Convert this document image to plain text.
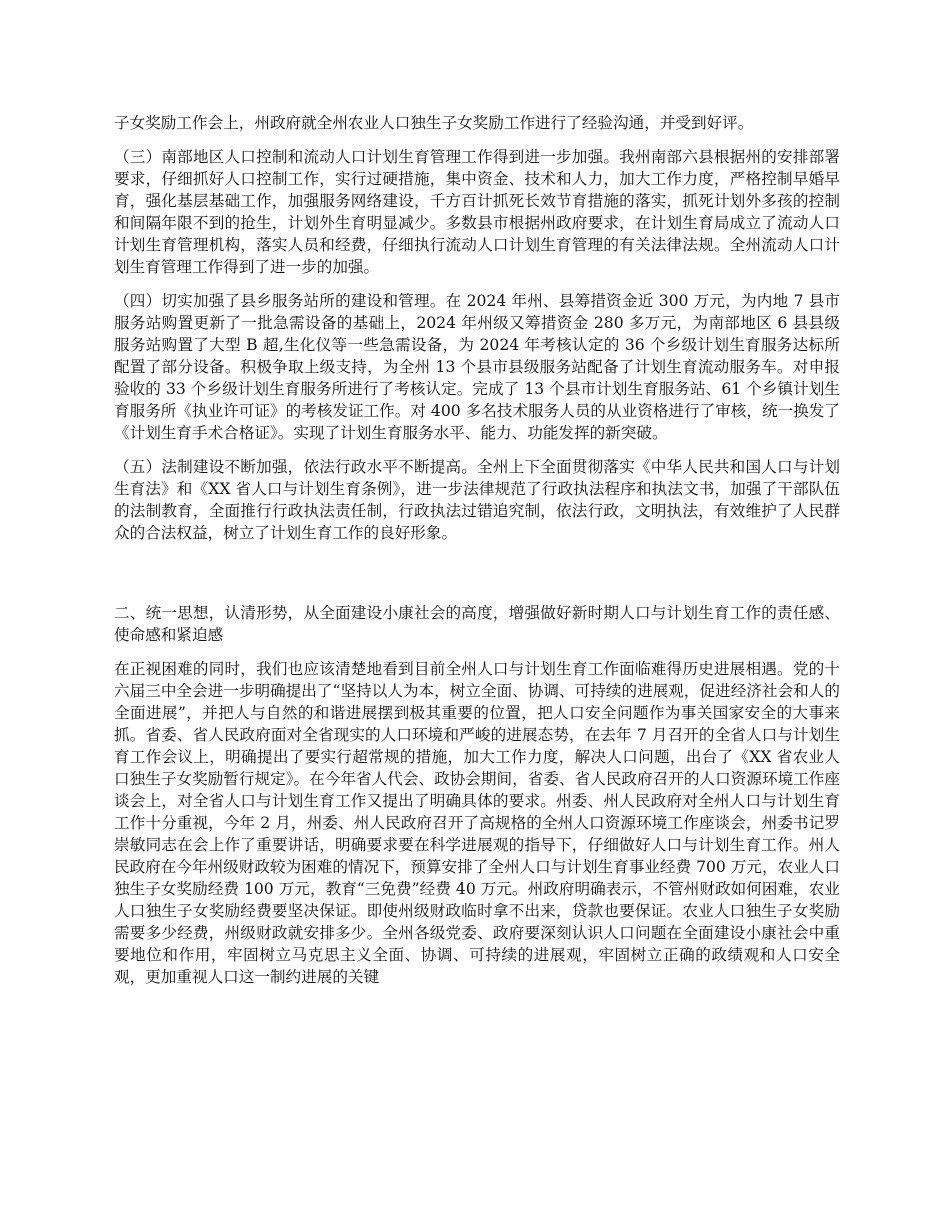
子女奖励工作会上，州政府就全州农业人口独生子女奖励工作进行了经验沟通，并受到好评。

（三）南部地区人口控制和流动人口计划生育管理工作得到进一步加强。我州南部六县根据州的安排部署要求，仔细抓好人口控制工作，实行过硬措施，集中资金、技术和人力，加大工作力度，严格控制早婚早育，强化基层基础工作，加强服务网络建设，千方百计抓死长效节育措施的落实，抓死计划外多孩的控制和间隔年限不到的抢生，计划外生育明显减少。多数县市根据州政府要求，在计划生育局成立了流动人口计划生育管理机构，落实人员和经费，仔细执行流动人口计划生育管理的有关法律法规。全州流动人口计划生育管理工作得到了进一步的加强。

（四）切实加强了县乡服务站所的建设和管理。在 2024 年州、县筹措资金近 300 万元，为内地 7 县市服务站购置更新了一批急需设备的基础上，2024 年州级又筹措资金 280 多万元，为南部地区 6 县县级服务站购置了大型 B 超,生化仪等一些急需设备，为 2024 年考核认定的 36 个乡级计划生育服务达标所配置了部分设备。积极争取上级支持，为全州 13 个县市县级服务站配备了计划生育流动服务车。对申报验收的 33 个乡级计划生育服务所进行了考核认定。完成了 13 个县市计划生育服务站、61 个乡镇计划生育服务所《执业许可证》的考核发证工作。对 400 多名技术服务人员的从业资格进行了审核，统一换发了《计划生育手术合格证》。实现了计划生育服务水平、能力、功能发挥的新突破。

（五）法制建设不断加强，依法行政水平不断提高。全州上下全面贯彻落实《中华人民共和国人口与计划生育法》和《XX 省人口与计划生育条例》，进一步法律规范了行政执法程序和执法文书，加强了干部队伍的法制教育，全面推行行政执法责任制，行政执法过错追究制，依法行政，文明执法，有效维护了人民群众的合法权益，树立了计划生育工作的良好形象。

二、统一思想，认清形势，从全面建设小康社会的高度，增强做好新时期人口与计划生育工作的责任感、使命感和紧迫感

在正视困难的同时，我们也应该清楚地看到目前全州人口与计划生育工作面临难得历史进展相遇。党的十六届三中全会进一步明确提出了“坚持以人为本，树立全面、协调、可持续的进展观，促进经济社会和人的全面进展”，并把人与自然的和谐进展摆到极其重要的位置，把人口安全问题作为事关国家安全的大事来抓。省委、省人民政府面对全省现实的人口环境和严峻的进展态势，在去年 7 月召开的全省人口与计划生育工作会议上，明确提出了要实行超常规的措施，加大工作力度，解决人口问题，出台了《XX 省农业人口独生子女奖励暂行规定》。在今年省人代会、政协会期间，省委、省人民政府召开的人口资源环境工作座谈会上，对全省人口与计划生育工作又提出了明确具体的要求。州委、州人民政府对全州人口与计划生育工作十分重视，今年 2 月，州委、州人民政府召开了高规格的全州人口资源环境工作座谈会，州委书记罗崇敏同志在会上作了重要讲话，明确要求要在科学进展观的指导下，仔细做好人口与计划生育工作。州人民政府在今年州级财政较为困难的情况下，预算安排了全州人口与计划生育事业经费 700 万元，农业人口独生子女奖励经费 100 万元，教育“三免费”经费 40 万元。州政府明确表示，不管州财政如何困难，农业人口独生子女奖励经费要坚决保证。即使州级财政临时拿不出来，贷款也要保证。农业人口独生子女奖励需要多少经费，州级财政就安排多少。全州各级党委、政府要深刻认识人口问题在全面建设小康社会中重要地位和作用，牢固树立马克思主义全面、协调、可持续的进展观，牢固树立正确的政绩观和人口安全观，更加重视人口这一制约进展的关键
